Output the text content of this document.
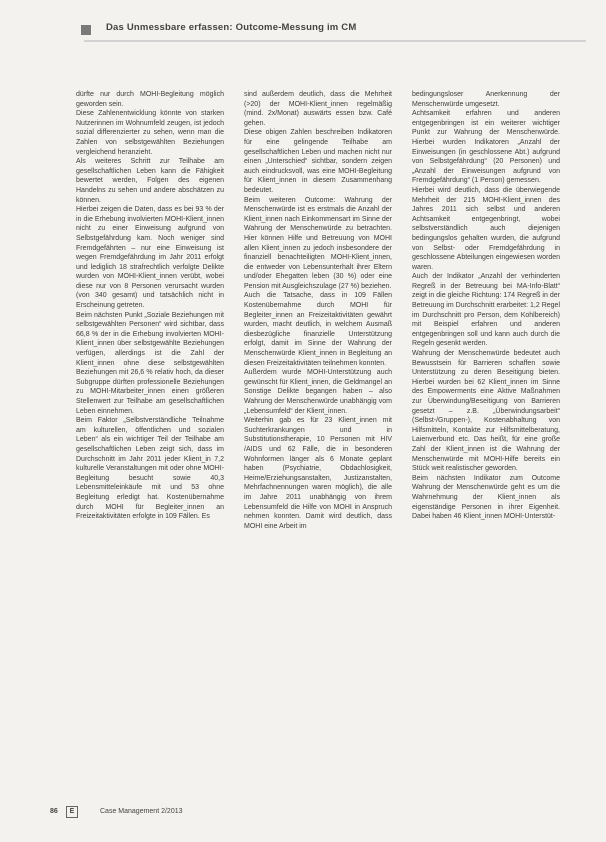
Das Unmessbare erfassen: Outcome-Messung im CM

dürfte nur durch MOHI-Begleitung möglich geworden sein.

Diese Zahlenentwicklung könnte von starken Nutzerinnen im Wohnumfeld zeugen, ist jedoch sozial differenzierter zu sehen, wenn man die Zahlen von selbstgewählten Beziehungen vergleichend heranzieht.

Als weiteres Schritt zur Teilhabe am gesellschaftlichen Leben kann die Fähigkeit bewertet werden, Folgen des eigenen Handelns zu sehen und andere abschätzen zu können.

Hierbei zeigen die Daten, dass es bei 93 % der in die Erhebung involvierten MOHI-Klient_innen nicht zu einer Einweisung aufgrund von Selbstgefährdung kam. Noch weniger sind Fremdgefährten – nur eine Einweisung ist wegen Fremdgefährdung im Jahr 2011 erfolgt und lediglich 18 strafrechtlich verfolgte Delikte wurden von MOHI-Klient_innen verübt, wobei diese nur von 8 Personen verursacht wurden (von 340 gesamt) und tatsächlich nicht in Erscheinung getreten.

Beim nächsten Punkt „Soziale Beziehungen mit selbstgewählten Personen“ wird sichtbar, dass 66,8 % der in die Erhebung involvierten MOHI-Klient_innen über selbstgewählte Beziehungen verfügen, allerdings ist die Zahl der Klient_innen ohne diese selbstgewählten Beziehungen mit 26,6 % relativ hoch, da dieser Subgruppe dürften professionelle Beziehungen zu MOHI-Mitarbeiter_innen einen größeren Stellenwert zur Teilhabe am gesellschaftlichen Leben einnehmen.

Beim Faktor „Selbstverständliche Teilnahme am kulturellen, öffentlichen und sozialen Leben“ als ein wichtiger Teil der Teilhabe am gesellschaftlichen Leben zeigt sich, dass im Durchschnitt im Jahr 2011 jeder Klient_in 7,2 kulturelle Veranstaltungen mit oder ohne MOHI-Begleitung besucht sowie 40,3 Lebensmitteleinkäufe mit und 53 ohne Begleitung erledigt hat. Kostenübernahme durch MOHI für Begleiter_innen an Freizeitaktivitäten erfolgte in 109 Fällen. Es

sind außerdem deutlich, dass die Mehrheit (>20) der MOHI-Klient_innen regelmäßig (mind. 2x/Monat) auswärts essen bzw. Café gehen.

Diese obigen Zahlen beschreiben Indikatoren für eine gelingende Teilhabe am gesellschaftlichen Leben und machen nicht nur einen „Unterschied“ sichtbar, sondern zeigen auch eindrucksvoll, was eine MOHI-Begleitung für Klient_innen in diesem Zusammenhang bedeutet.

Beim weiteren Outcome: Wahrung der Menschenwürde ist es erstmals die Anzahl der Klient_innen nach Einkommensart im Sinne der Wahrung der Menschenwürde zu betrachten. Hier können Hilfe und Betreuung von MOHI allen Klient_innen zu jedoch insbesondere der finanziell benachteiligten MOHI-Klient_innen, die entweder von Lebensunterhalt ihrer Eltern und/oder Ehegatten leben (30 %) oder eine Pension mit Ausgleichszulage (27 %) beziehen.

Auch die Tatsache, dass in 109 Fällen Kostenübernahme durch MOHI für Begleiter_innen an Freizeitaktivitäten gewährt wurden, macht deutlich, in welchem Ausmaß diesbezügliche finanzielle Unterstützung erfolgt, damit im Sinne der Wahrung der Menschenwürde Klient_innen in Begleitung an diesen Freizeitaktivitäten teilnehmen konnten.

Außerdem wurde MOHI-Unterstützung auch gewünscht für Klient_innen, die Geldmangel an Sonstige Delikte begangen haben – also Wahrung der Menschenwürde unabhängig vom „Lebensumfeld“ der Klient_innen.

Weiterhin gab es für 23 Klient_innen mit Suchterkrankungen und in Substitutionstherapie, 10 Personen mit HIV /AIDS und 62 Fälle, die in besonderen Wohnformen länger als 6 Monate geplant haben (Psychiatrie, Obdachlosigkeit, Heime/Erziehungsanstalten, Justizanstalten, Mehrfachnennungen waren möglich), die alle im Jahre 2011 unabhängig von ihrem Lebensumfeld die Hilfe von MOHI in Anspruch nehmen konnten. Damit wird deutlich, dass MOHI eine Arbeit im

bedingungsloser Anerkennung der Menschenwürde umgesetzt.

Achtsamkeit erfahren und anderen entgegenbringen ist ein weiterer wichtiger Punkt zur Wahrung der Menschenwürde. Hierbei wurden Indikatoren „Anzahl der Einweisungen (in geschlossene Abt.) aufgrund von Selbstgefährdung“ (20 Personen) und „Anzahl der Einweisungen aufgrund von Fremdgefährdung“ (1 Person) gemessen.

Hierbei wird deutlich, dass die überwiegende Mehrheit der 215 MOHI-Klient_innen des Jahres 2011 sich selbst und anderen Achtsamkeit entgegenbringt, wobei selbstverständlich auch diejenigen bedingungslos gehalten wurden, die aufgrund von Selbst- oder Fremdgefährdung in geschlossene Abteilungen eingewiesen worden waren.

Auch der Indikator „Anzahl der verhinderten Regreß in der Betreuung bei MA-Info-Blatt“ zeigt in die gleiche Richtung: 174 Regreß in der Betreuung im Durchschnitt erarbeitet: 1,2 Regel im Durchschnitt pro Person, dem Kohlbereich) mit Beispiel erfahren und anderen entgegenbringen soll und kann auch durch die Regeln gesenkt werden.

Wahrung der Menschenwürde bedeutet auch Bewusstsein für Barrieren schaffen sowie Unterstützung zu deren Beseitigung bieten. Hierbei wurden bei 62 Klient_innen im Sinne des Empowerments eine Aktive Maßnahmen zur Überwindung/Beseitigung von Barrieren gesetzt – z.B. „Überwindungsarbeit“ (Selbst-/Gruppen-), Kostenabhaltung von Hilfsmitteln, Kontakte zur Hilfsmittelberatung, Laienverbund etc. Das heißt, für eine große Zahl der Klient_innen ist die Wahrung der Menschenwürde mit MOHI-Hilfe bereits ein Stück weit realistischer geworden.

Beim nächsten Indikator zum Outcome Wahrung der Menschenwürde geht es um die Wahrnehmung der Klient_innen als eigenständige Personen in ihrer Eigenheit. Dabei haben 46 Klient_innen MOHI-Unterstüt-

86	E	Case Management 2/2013
